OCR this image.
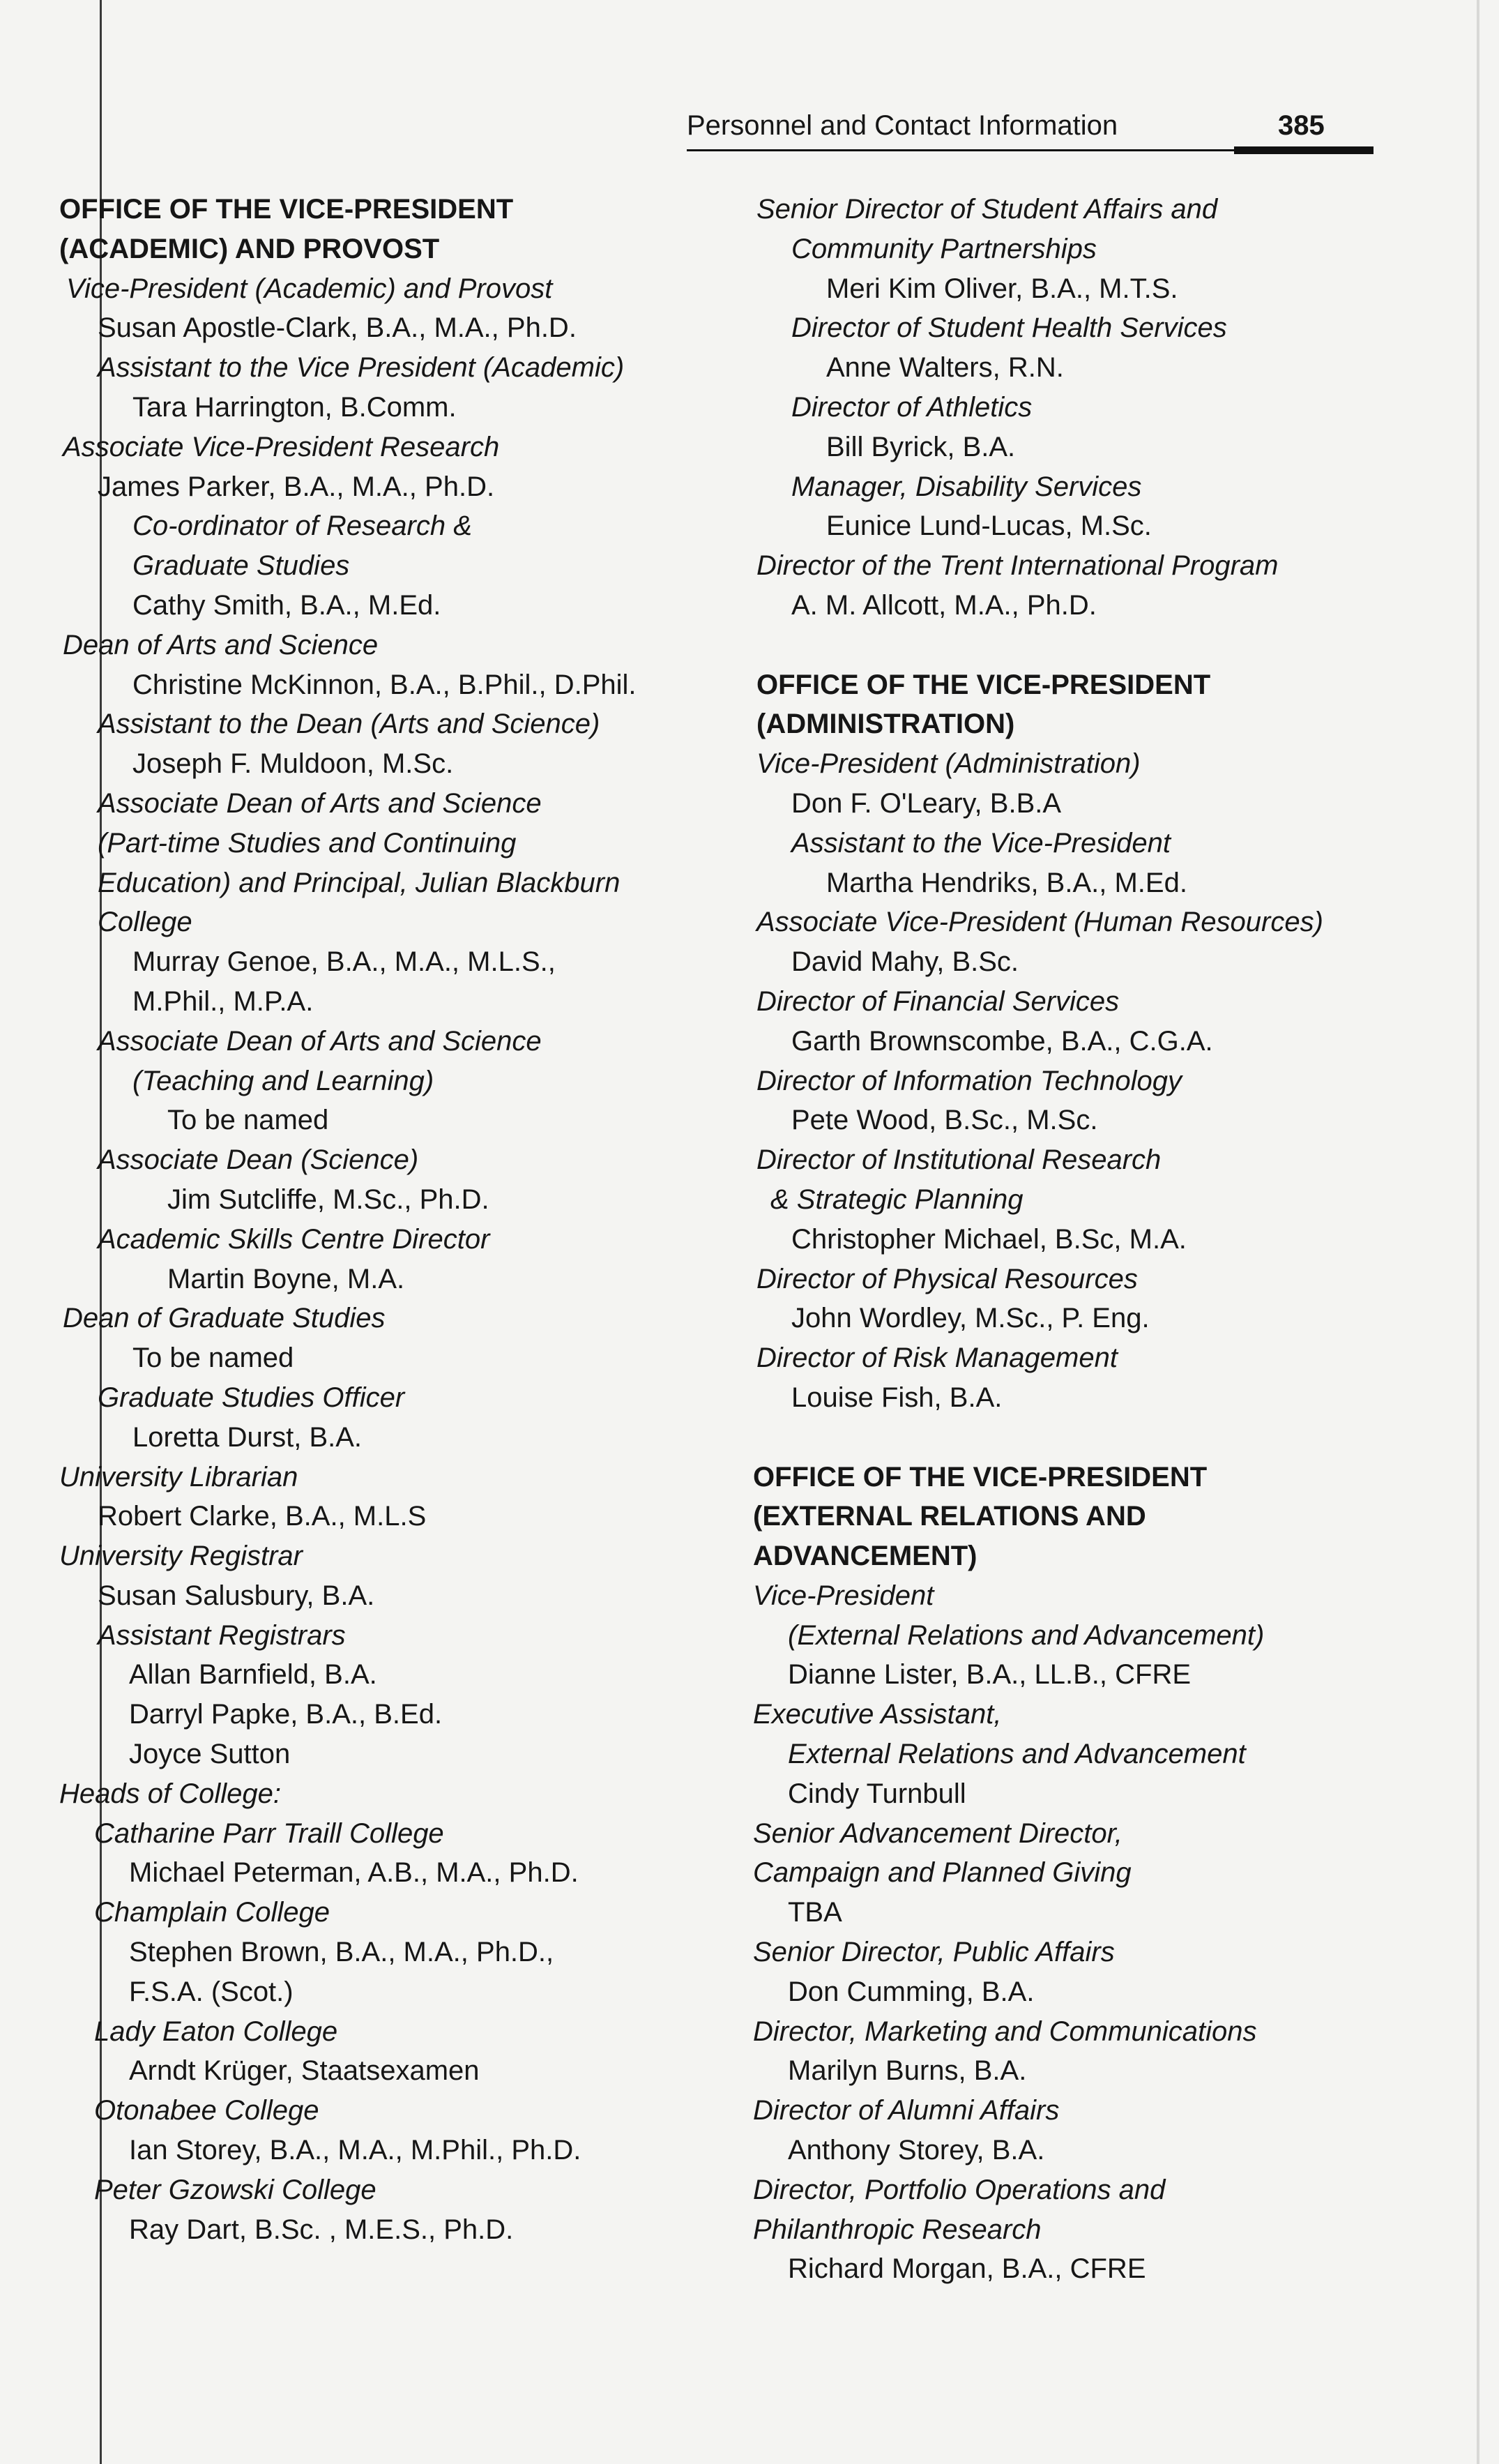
Personnel and Contact Information	385
OFFICE OF THE VICE-PRESIDENT
(ACADEMIC) AND PROVOST
Vice-President (Academic) and Provost
Susan Apostle-Clark, B.A., M.A., Ph.D.
Assistant to the Vice President (Academic)
Tara Harrington, B.Comm.
Associate Vice-President Research
James Parker, B.A., M.A., Ph.D.
Co-ordinator of Research &
Graduate Studies
Cathy Smith, B.A., M.Ed.
Dean of Arts and Science
Christine McKinnon, B.A., B.Phil., D.Phil.
Assistant to the Dean (Arts and Science)
Joseph F. Muldoon, M.Sc.
Associate Dean of Arts and Science
(Part-time Studies and Continuing
Education) and Principal, Julian Blackburn
College
Murray Genoe, B.A., M.A., M.L.S.,
M.Phil., M.P.A.
Associate Dean of Arts and Science
(Teaching and Learning)
To be named
Associate Dean (Science)
Jim Sutcliffe, M.Sc., Ph.D.
Academic Skills Centre Director
Martin Boyne, M.A.
Dean of Graduate Studies
To be named
Graduate Studies Officer
Loretta Durst, B.A.
University Librarian
Robert Clarke, B.A., M.L.S
University Registrar
Susan Salusbury, B.A.
Assistant Registrars
Allan Barnfield, B.A.
Darryl Papke, B.A., B.Ed.
Joyce Sutton
Heads of College:
Catharine Parr Traill College
Michael Peterman, A.B., M.A., Ph.D.
Champlain College
Stephen Brown, B.A., M.A., Ph.D.,
F.S.A. (Scot.)
Lady Eaton College
Arndt Krüger, Staatsexamen
Otonabee College
Ian Storey, B.A., M.A., M.Phil., Ph.D.
Peter Gzowski College
Ray Dart, B.Sc. , M.E.S., Ph.D.
Senior Director of Student Affairs and
Community Partnerships
Meri Kim Oliver, B.A., M.T.S.
Director of Student Health Services
Anne Walters, R.N.
Director of Athletics
Bill Byrick, B.A.
Manager, Disability Services
Eunice Lund-Lucas, M.Sc.
Director of the Trent International Program
A. M. Allcott, M.A., Ph.D.
OFFICE OF THE VICE-PRESIDENT
(ADMINISTRATION)
Vice-President (Administration)
Don F. O'Leary, B.B.A
Assistant to the Vice-President
Martha Hendriks, B.A., M.Ed.
Associate Vice-President (Human Resources)
David Mahy, B.Sc.
Director of Financial Services
Garth Brownscombe, B.A., C.G.A.
Director of Information Technology
Pete Wood, B.Sc., M.Sc.
Director of Institutional Research
& Strategic Planning
Christopher Michael, B.Sc, M.A.
Director of Physical Resources
John Wordley, M.Sc., P. Eng.
Director of Risk Management
Louise Fish, B.A.
OFFICE OF THE VICE-PRESIDENT
(EXTERNAL RELATIONS AND
ADVANCEMENT)
Vice-President
(External Relations and Advancement)
Dianne Lister, B.A., LL.B., CFRE
Executive Assistant,
External Relations and Advancement
Cindy Turnbull
Senior Advancement Director,
Campaign and Planned Giving
TBA
Senior Director, Public Affairs
Don Cumming, B.A.
Director, Marketing and Communications
Marilyn Burns, B.A.
Director of Alumni Affairs
Anthony Storey, B.A.
Director, Portfolio Operations and
Philanthropic Research
Richard Morgan, B.A., CFRE
